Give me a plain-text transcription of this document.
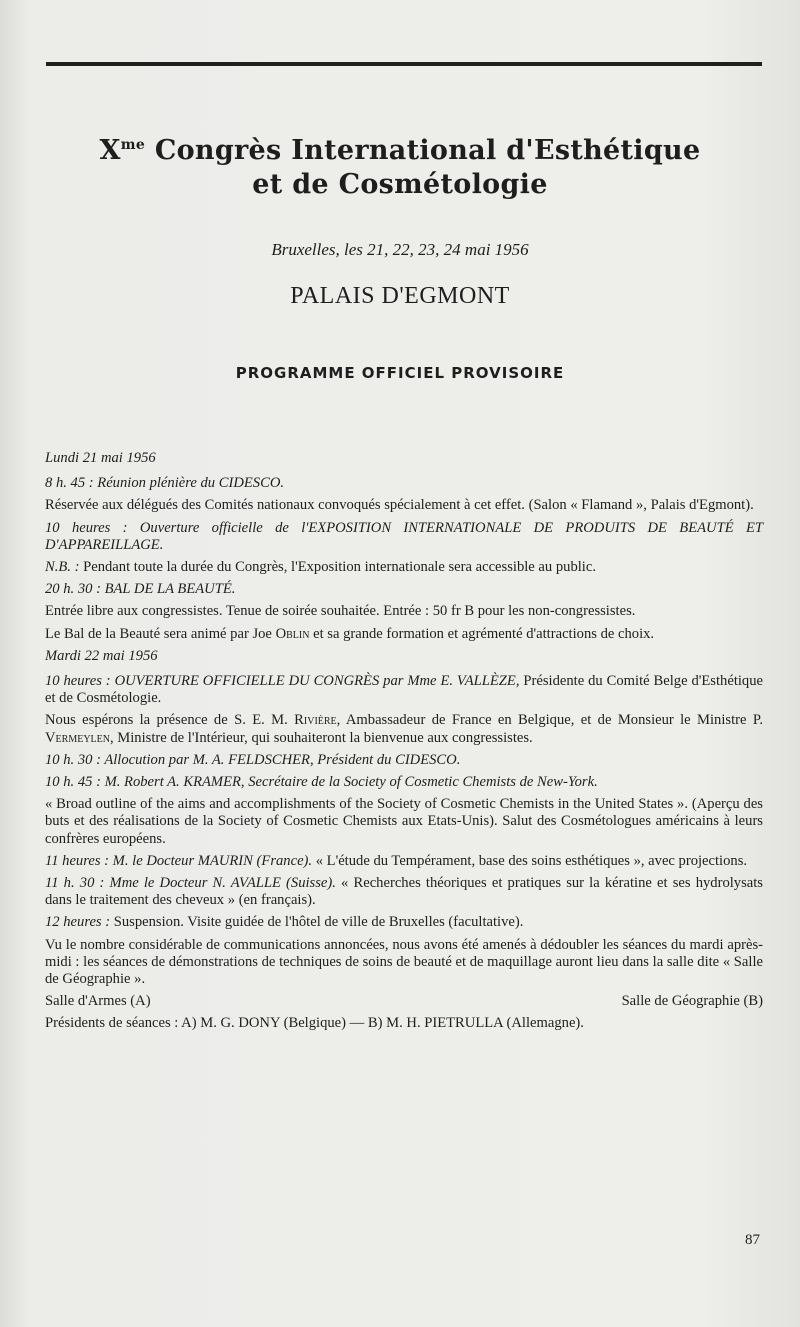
$X^{me}$ Congrès International d'Esthétique
et de Cosmétologie
Bruxelles, les 21, 22, 23, 24 mai 1956
PALAIS D'EGMONT
PROGRAMME OFFICIEL PROVISOIRE

Lundi 21 mai 1956

8 h. 45 : Réunion plénière du CIDESCO.

Réservée aux délégués des Comités nationaux convoqués spécialement à cet effet. (Salon « Flamand », Palais d'Egmont).

10 heures : Ouverture officielle de l'EXPOSITION INTERNATIONALE DE PRODUITS DE BEAUTÉ ET D'APPAREILLAGE.

N.B. : Pendant toute la durée du Congrès, l'Exposition internationale sera accessible au public.

20 h. 30 : BAL DE LA BEAUTÉ.

Entrée libre aux congressistes. Tenue de soirée souhaitée. Entrée : 50 fr B pour les non-congressistes.

Le Bal de la Beauté sera animé par Joe Oblin et sa grande formation et agrémenté d'attractions de choix.

Mardi 22 mai 1956

10 heures : OUVERTURE OFFICIELLE DU CONGRÈS par Mme E. VALLÈZE, Présidente du Comité Belge d'Esthétique et de Cosmétologie.

Nous espérons la présence de S. E. M. Rivière, Ambassadeur de France en Belgique, et de Monsieur le Ministre P. Vermeylen, Ministre de l'Intérieur, qui souhaiteront la bienvenue aux congressistes.

10 h. 30 : Allocution par M. A. FELDSCHER, Président du CIDESCO.

10 h. 45 : M. Robert A. KRAMER, Secrétaire de la Society of Cosmetic Chemists de New-York.

« Broad outline of the aims and accomplishments of the Society of Cosmetic Chemists in the United States ». (Aperçu des buts et des réalisations de la Society of Cosmetic Chemists aux Etats-Unis). Salut des Cosmétologues américains à leurs confrères européens.

11 heures : M. le Docteur MAURIN (France). « L'étude du Tempérament, base des soins esthétiques », avec projections.

11 h. 30 : Mme le Docteur N. AVALLE (Suisse). « Recherches théoriques et pratiques sur la kératine et ses hydrolysats dans le traitement des cheveux » (en français).

12 heures : Suspension. Visite guidée de l'hôtel de ville de Bruxelles (facultative).

Vu le nombre considérable de communications annoncées, nous avons été amenés à dédoubler les séances du mardi après-midi : les séances de démonstrations de techniques de soins de beauté et de maquillage auront lieu dans la salle dite « Salle de Géographie ».

Salle d'Armes (A)	Salle de Géographie (B)

Présidents de séances : A) M. G. DONY (Belgique) — B) M. H. PIETRULLA (Allemagne).

87
